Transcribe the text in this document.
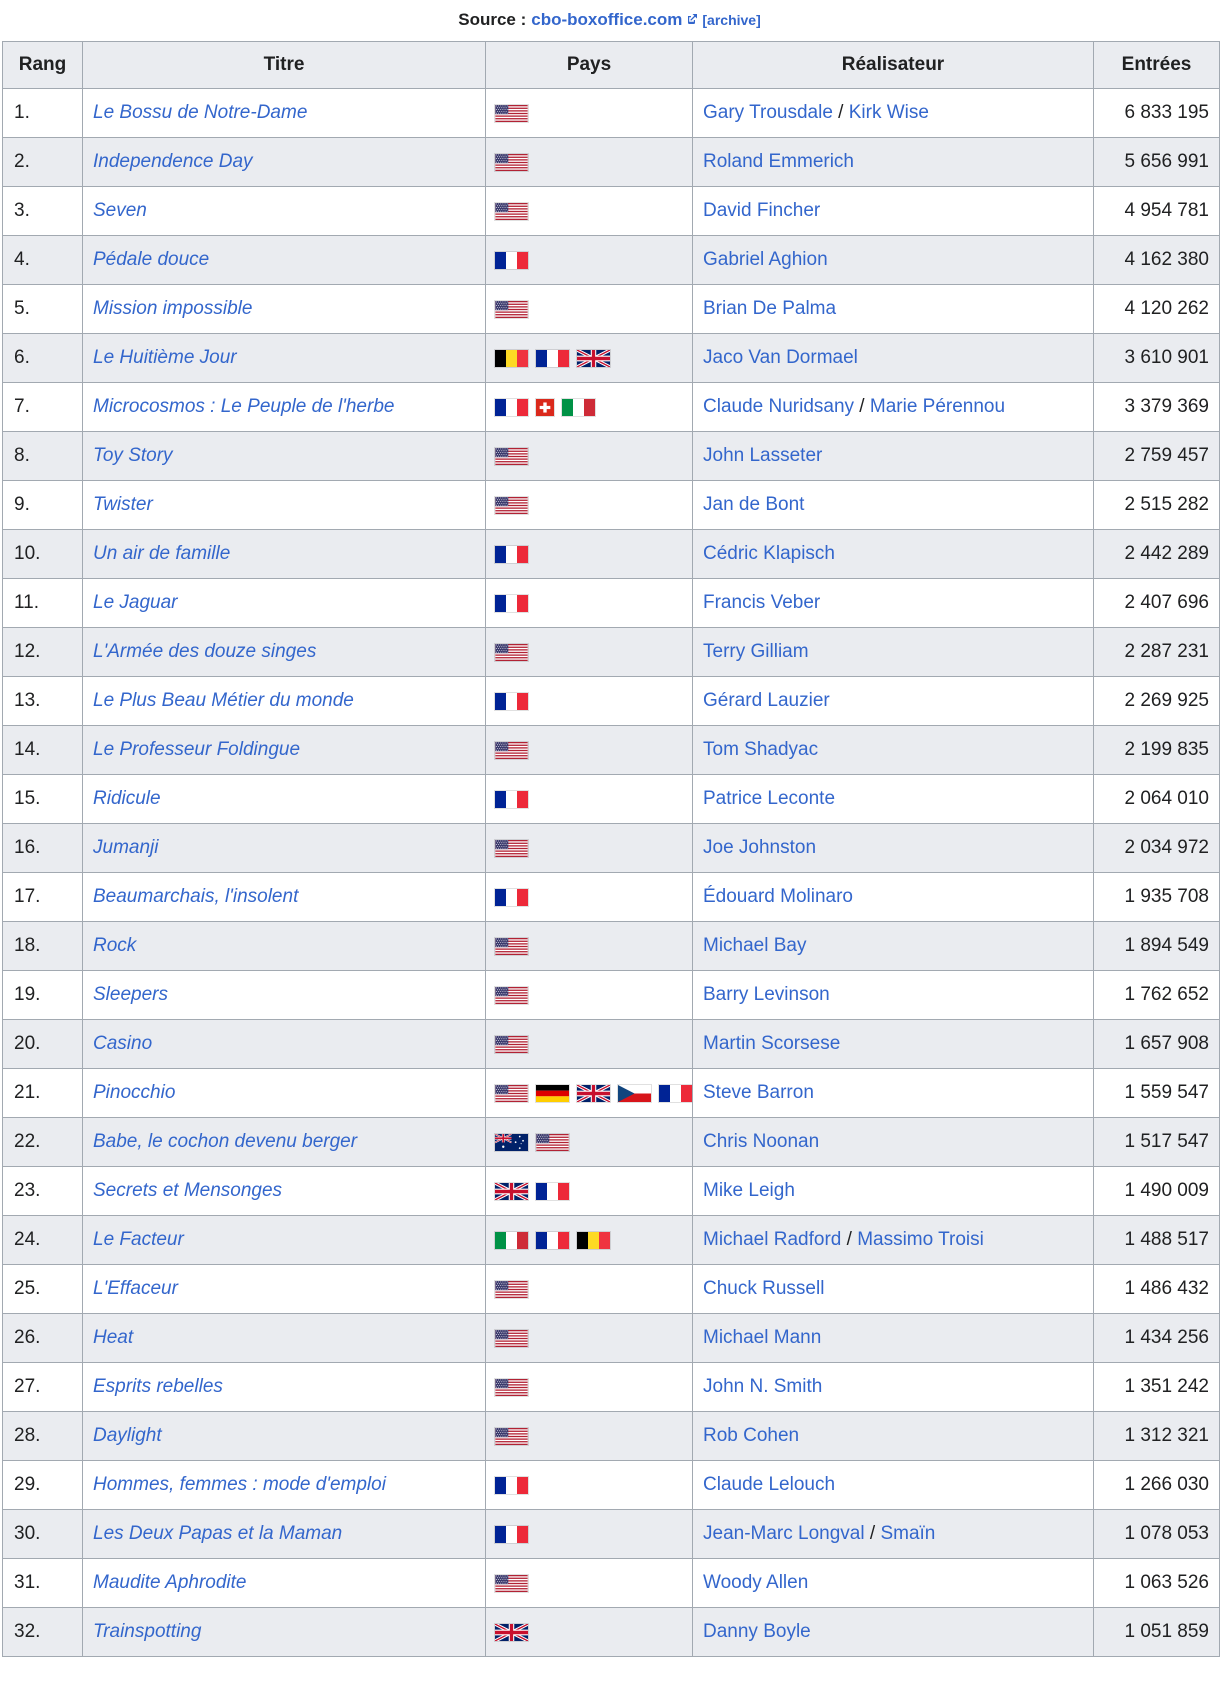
Source : cbo-boxoffice.com [archive]
Rang	Titre	Pays	Réalisateur	Entrées
1.	Le Bossu de Notre-Dame		Gary Trousdale / Kirk Wise	6 833 195
2.	Independence Day		Roland Emmerich	5 656 991
3.	Seven		David Fincher	4 954 781
4.	Pédale douce		Gabriel Aghion	4 162 380
5.	Mission impossible		Brian De Palma	4 120 262
6.	Le Huitième Jour		Jaco Van Dormael	3 610 901
7.	Microcosmos : Le Peuple de l'herbe		Claude Nuridsany / Marie Pérennou	3 379 369
8.	Toy Story		John Lasseter	2 759 457
9.	Twister		Jan de Bont	2 515 282
10.	Un air de famille		Cédric Klapisch	2 442 289
11.	Le Jaguar		Francis Veber	2 407 696
12.	L'Armée des douze singes		Terry Gilliam	2 287 231
13.	Le Plus Beau Métier du monde		Gérard Lauzier	2 269 925
14.	Le Professeur Foldingue		Tom Shadyac	2 199 835
15.	Ridicule		Patrice Leconte	2 064 010
16.	Jumanji		Joe Johnston	2 034 972
17.	Beaumarchais, l'insolent		Édouard Molinaro	1 935 708
18.	Rock		Michael Bay	1 894 549
19.	Sleepers		Barry Levinson	1 762 652
20.	Casino		Martin Scorsese	1 657 908
21.	Pinocchio		Steve Barron	1 559 547
22.	Babe, le cochon devenu berger		Chris Noonan	1 517 547
23.	Secrets et Mensonges		Mike Leigh	1 490 009
24.	Le Facteur		Michael Radford / Massimo Troisi	1 488 517
25.	L'Effaceur		Chuck Russell	1 486 432
26.	Heat		Michael Mann	1 434 256
27.	Esprits rebelles		John N. Smith	1 351 242
28.	Daylight		Rob Cohen	1 312 321
29.	Hommes, femmes : mode d'emploi		Claude Lelouch	1 266 030
30.	Les Deux Papas et la Maman		Jean-Marc Longval / Smaïn	1 078 053
31.	Maudite Aphrodite		Woody Allen	1 063 526
32.	Trainspotting		Danny Boyle	1 051 859
